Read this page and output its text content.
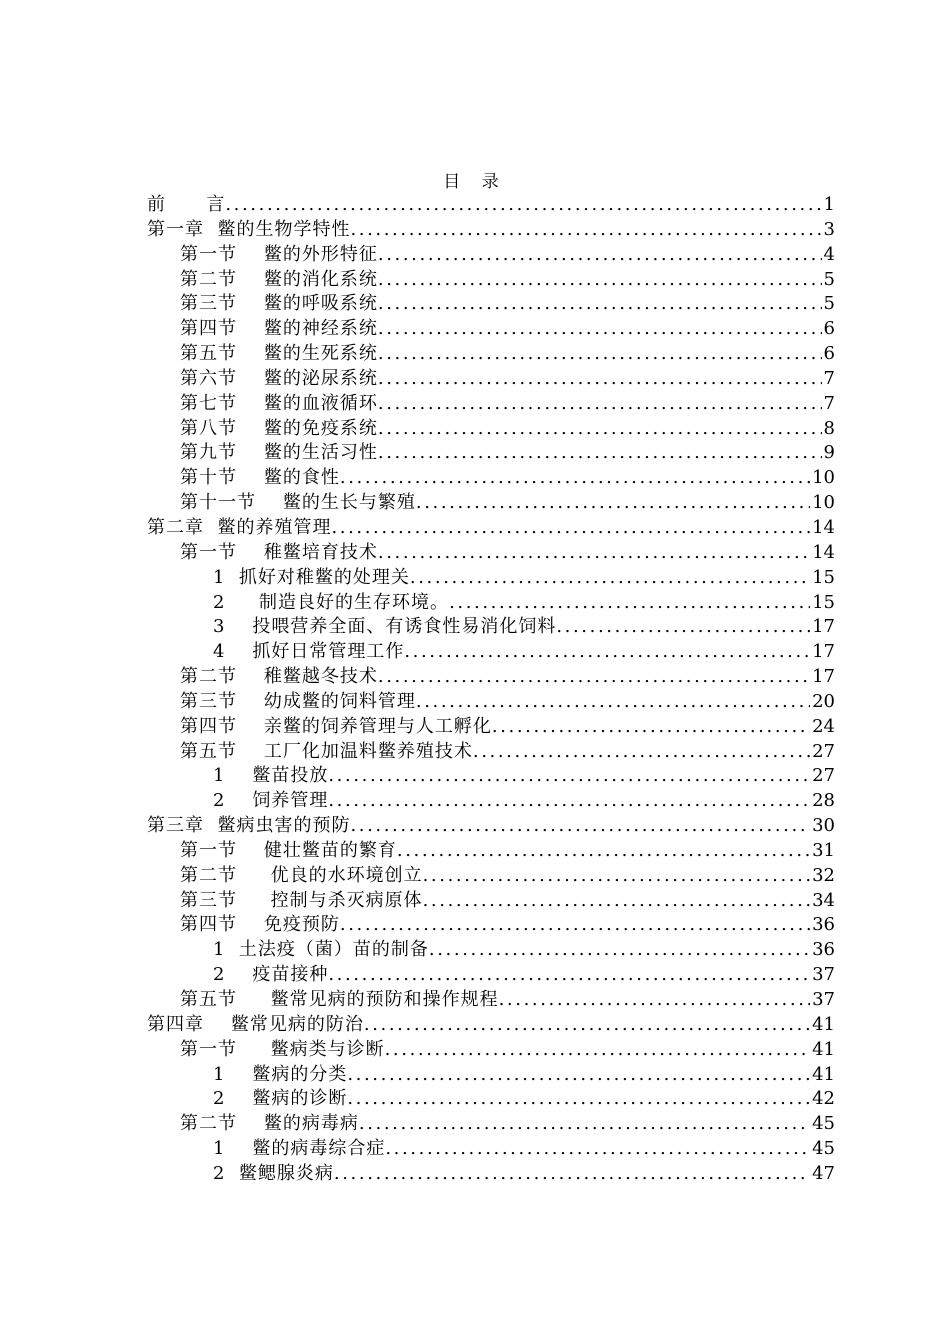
目 录
前      言 .....	1
第一章  鳖的生物学特性 .....	3
第一节    鳖的外形特征 .....	4
第二节    鳖的消化系统 .....	5
第三节    鳖的呼吸系统 .....	5
第四节    鳖的神经系统 .....	6
第五节    鳖的生死系统 .....	6
第六节    鳖的泌尿系统 .....	7
第七节    鳖的血液循环 .....	7
第八节    鳖的免疫系统 .....	8
第九节    鳖的生活习性 .....	9
第十节    鳖的食性 .....	10
第十一节    鳖的生长与繁殖 .....	10
第二章  鳖的养殖管理 .....	14
第一节    稚鳖培育技术 .....	14
1  抓好对稚鳖的处理关 .....	15
2     制造良好的生存环境。 .....	15
3    投喂营养全面、有诱食性易消化饲料 .....	17
4    抓好日常管理工作 .....	17
第二节    稚鳖越冬技术 .....	17
第三节    幼成鳖的饲料管理 .....	20
第四节    亲鳖的饲养管理与人工孵化 .....	24
第五节    工厂化加温料鳖养殖技术 .....	27
1    鳖苗投放 .....	27
2    饲养管理 .....	28
第三章  鳖病虫害的预防 .....	30
第一节    健壮鳖苗的繁育 .....	31
第二节     优良的水环境创立 .....	32
第三节     控制与杀灭病原体 .....	34
第四节    免疫预防 .....	36
1  土法疫（菌）苗的制备 .....	36
2    疫苗接种 .....	37
第五节     鳖常见病的预防和操作规程 .....	37
第四章    鳖常见病的防治 .....	41
第一节     鳖病类与诊断 .....	41
1    鳖病的分类 .....	41
2    鳖病的诊断 .....	42
第二节    鳖的病毒病 .....	45
1    鳖的病毒综合症 .....	45
2  鳖鳃腺炎病 .....	47
